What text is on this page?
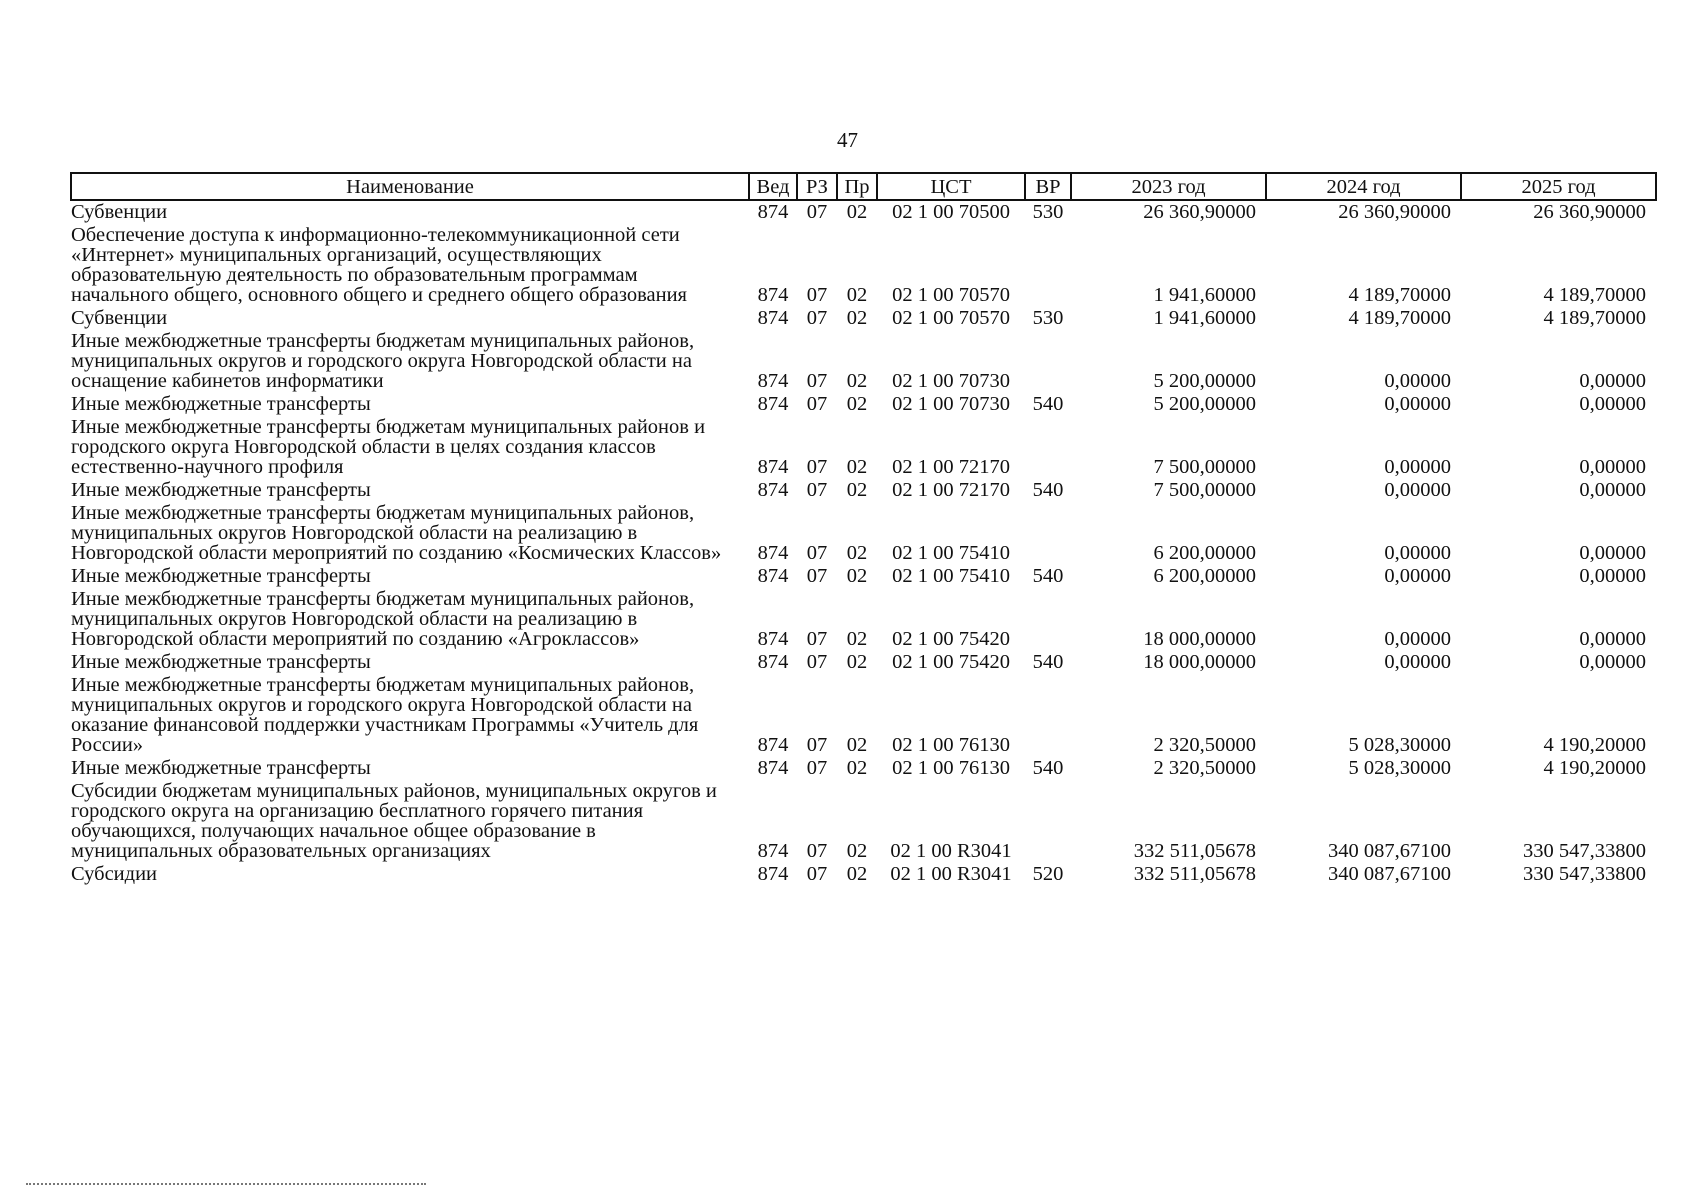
47
Наименование	Вед	РЗ	Пр	ЦСТ	ВР	2023 год	2024 год	2025 год
Субвенции	874	07	02	02 1 00 70500	530	26 360,90000	26 360,90000	26 360,90000
Обеспечение доступа к информационно-телекоммуникационной сети «Интернет» муниципальных организаций, осуществляющих образовательную деятельность по образовательным программам начального общего, основного общего и среднего общего образования	874	07	02	02 1 00 70570		1 941,60000	4 189,70000	4 189,70000
Субвенции	874	07	02	02 1 00 70570	530	1 941,60000	4 189,70000	4 189,70000
Иные межбюджетные трансферты бюджетам муниципальных районов, муниципальных округов и городского округа Новгородской области на оснащение кабинетов информатики	874	07	02	02 1 00 70730		5 200,00000	0,00000	0,00000
Иные межбюджетные трансферты	874	07	02	02 1 00 70730	540	5 200,00000	0,00000	0,00000
Иные межбюджетные трансферты бюджетам муниципальных районов и городского округа Новгородской области в целях создания классов естественно-научного профиля	874	07	02	02 1 00 72170		7 500,00000	0,00000	0,00000
Иные межбюджетные трансферты	874	07	02	02 1 00 72170	540	7 500,00000	0,00000	0,00000
Иные межбюджетные трансферты бюджетам муниципальных районов, муниципальных округов Новгородской области на реализацию в Новгородской области мероприятий по созданию «Космических Классов»	874	07	02	02 1 00 75410		6 200,00000	0,00000	0,00000
Иные межбюджетные трансферты	874	07	02	02 1 00 75410	540	6 200,00000	0,00000	0,00000
Иные межбюджетные трансферты бюджетам муниципальных районов, муниципальных округов Новгородской области на реализацию в Новгородской области мероприятий по созданию «Агроклассов»	874	07	02	02 1 00 75420		18 000,00000	0,00000	0,00000
Иные межбюджетные трансферты	874	07	02	02 1 00 75420	540	18 000,00000	0,00000	0,00000
Иные межбюджетные трансферты бюджетам муниципальных районов, муниципальных округов и городского округа Новгородской области на оказание финансовой поддержки участникам Программы «Учитель для России»	874	07	02	02 1 00 76130		2 320,50000	5 028,30000	4 190,20000
Иные межбюджетные трансферты	874	07	02	02 1 00 76130	540	2 320,50000	5 028,30000	4 190,20000
Субсидии бюджетам муниципальных районов, муниципальных округов и городского округа на организацию бесплатного горячего питания обучающихся, получающих начальное общее образование в муниципальных образовательных организациях	874	07	02	02 1 00 R3041		332 511,05678	340 087,67100	330 547,33800
Субсидии	874	07	02	02 1 00 R3041	520	332 511,05678	340 087,67100	330 547,33800
